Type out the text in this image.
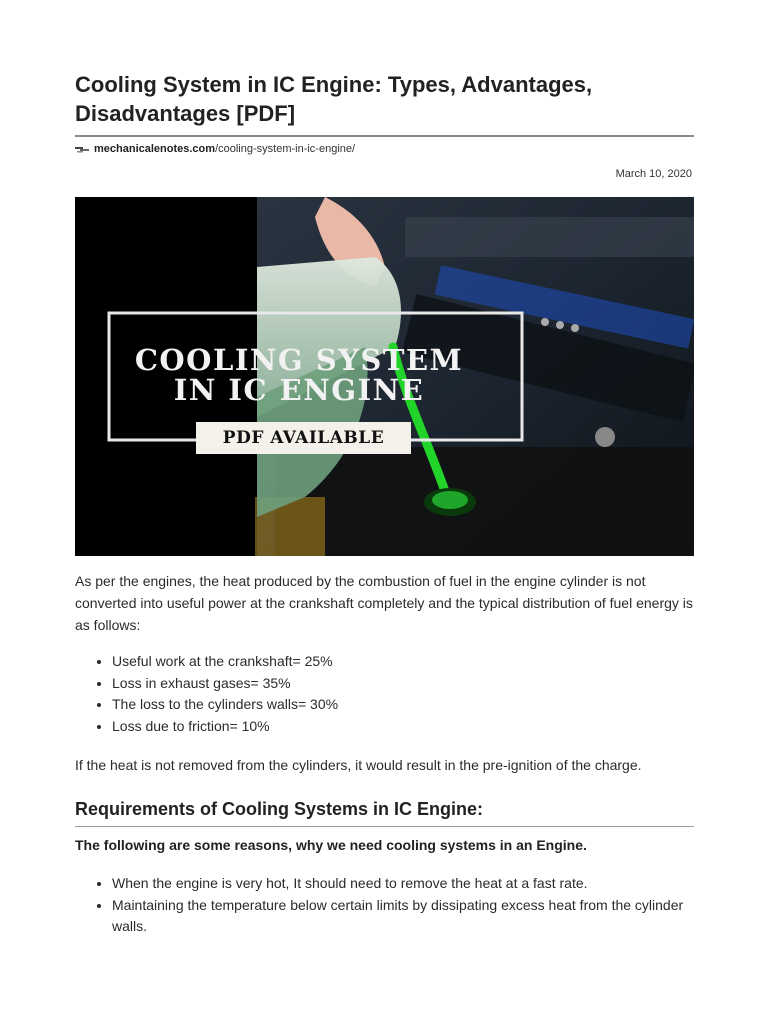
Cooling System in IC Engine: Types, Advantages, Disadvantages [PDF]
mechanicalenotes.com /cooling-system-in-ic-engine/
March 10, 2020
COOLING SYSTEM IN IC ENGINE
PDF AVAILABLE

As per the engines, the heat produced by the combustion of fuel in the engine cylinder is not converted into useful power at the crankshaft completely and the typical distribution of fuel energy is as follows:

• Useful work at the crankshaft= 25%
• Loss in exhaust gases= 35%
• The loss to the cylinders walls= 30%
• Loss due to friction= 10%

If the heat is not removed from the cylinders, it would result in the pre-ignition of the charge.

Requirements of Cooling Systems in IC Engine:

The following are some reasons, why we need cooling systems in an Engine.

• When the engine is very hot, It should need to remove the heat at a fast rate.
• Maintaining the temperature below certain limits by dissipating excess heat from the cylinder walls.
